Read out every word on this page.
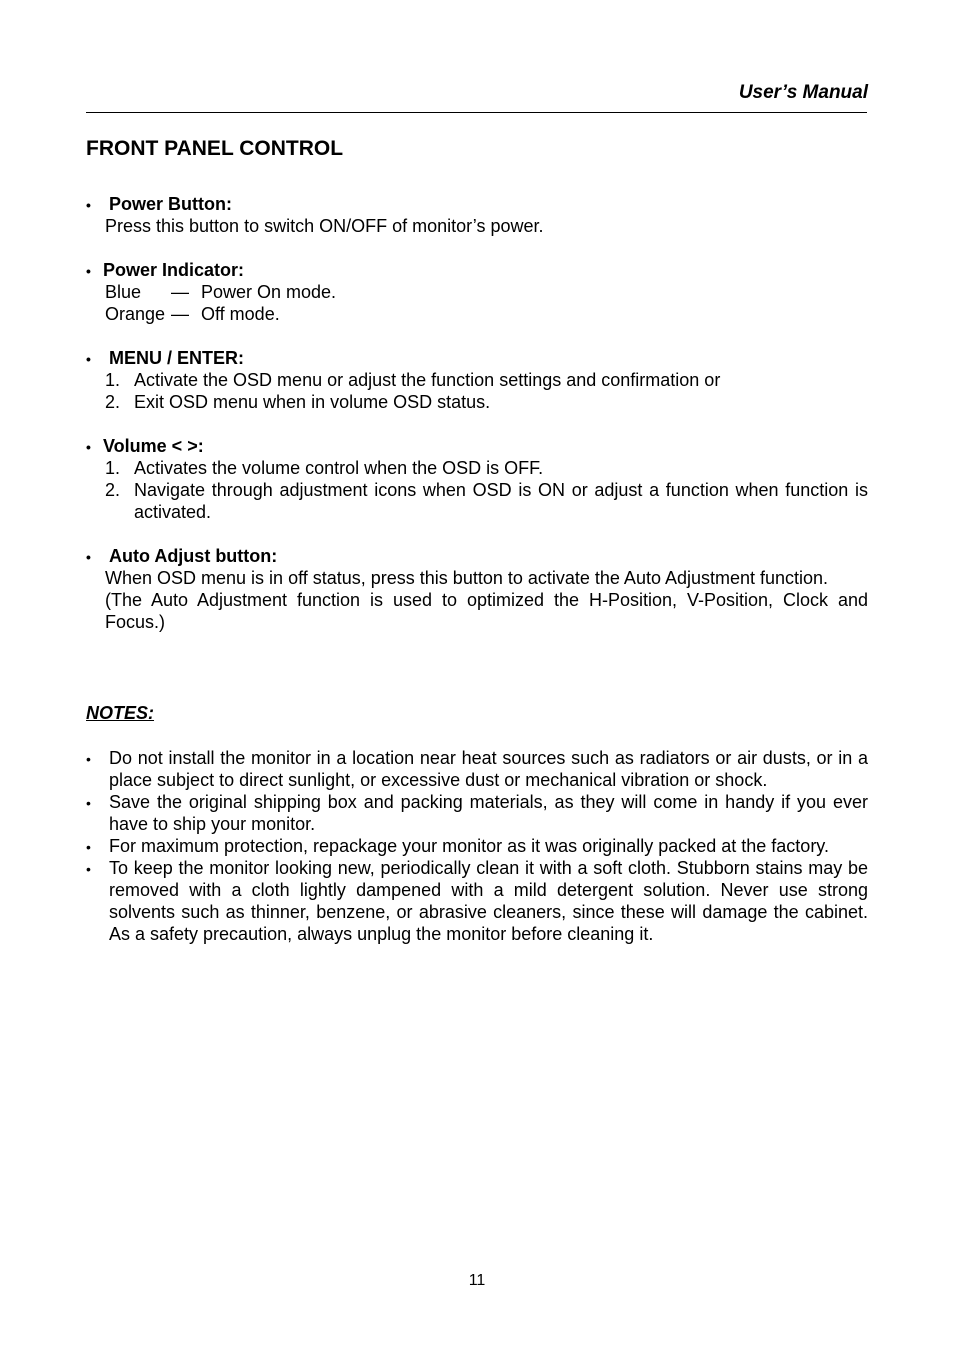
User’s Manual
FRONT PANEL CONTROL
• Power Button:
Press this button to switch ON/OFF of monitor’s power.
• Power Indicator:
Blue — Power On mode.
Orange — Off mode.
• MENU / ENTER:
1. Activate the OSD menu or adjust the function settings and confirmation or
2. Exit OSD menu when in volume OSD status.
• Volume < >:
1. Activates the volume control when the OSD is OFF.
2. Navigate through adjustment icons when OSD is ON or adjust a function when function is activated.
• Auto Adjust button:
When OSD menu is in off status, press this button to activate the Auto Adjustment function.
(The Auto Adjustment function is used to optimized the H-Position, V-Position, Clock and Focus.)
NOTES:
• Do not install the monitor in a location near heat sources such as radiators or air dusts, or in a place subject to direct sunlight, or excessive dust or mechanical vibration or shock.
• Save the original shipping box and packing materials, as they will come in handy if you ever have to ship your monitor.
• For maximum protection, repackage your monitor as it was originally packed at the factory.
• To keep the monitor looking new, periodically clean it with a soft cloth. Stubborn stains may be removed with a cloth lightly dampened with a mild detergent solution. Never use strong solvents such as thinner, benzene, or abrasive cleaners, since these will damage the cabinet. As a safety precaution, always unplug the monitor before cleaning it.
11
